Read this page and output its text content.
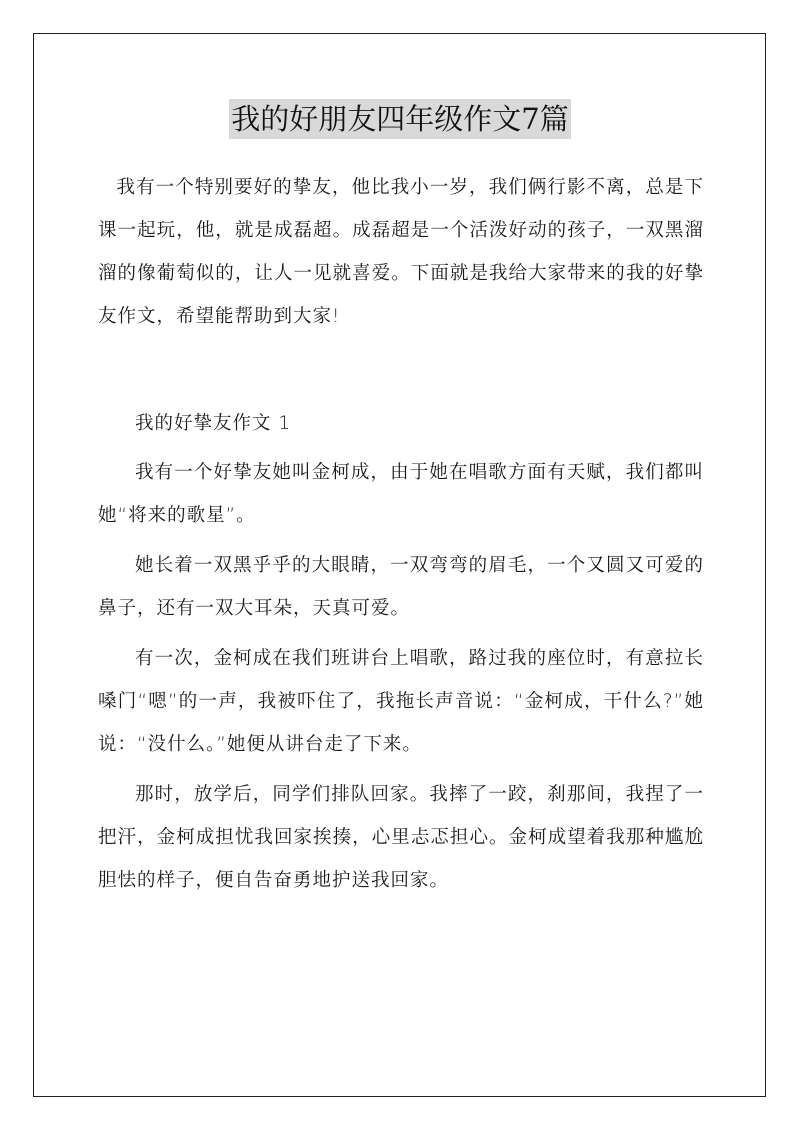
我的好朋友四年级作文7篇

我有一个特别要好的挚友，他比我小一岁，我们俩行影不离，总是下课一起玩，他，就是成磊超。成磊超是一个活泼好动的孩子，一双黑溜溜的像葡萄似的，让人一见就喜爱。下面就是我给大家带来的我的好挚友作文，希望能帮助到大家!

我的好挚友作文 1

我有一个好挚友她叫金柯成，由于她在唱歌方面有天赋，我们都叫她“将来的歌星”。

她长着一双黑乎乎的大眼睛，一双弯弯的眉毛，一个又圆又可爱的鼻子，还有一双大耳朵，天真可爱。

有一次，金柯成在我们班讲台上唱歌，路过我的座位时，有意拉长嗓门“嗯”的一声，我被吓住了，我拖长声音说：“金柯成，干什么?”她说：“没什么。”她便从讲台走了下来。

那时，放学后，同学们排队回家。我摔了一跤，刹那间，我捏了一把汗，金柯成担忧我回家挨揍，心里忐忑担心。金柯成望着我那种尴尬胆怯的样子，便自告奋勇地护送我回家。
